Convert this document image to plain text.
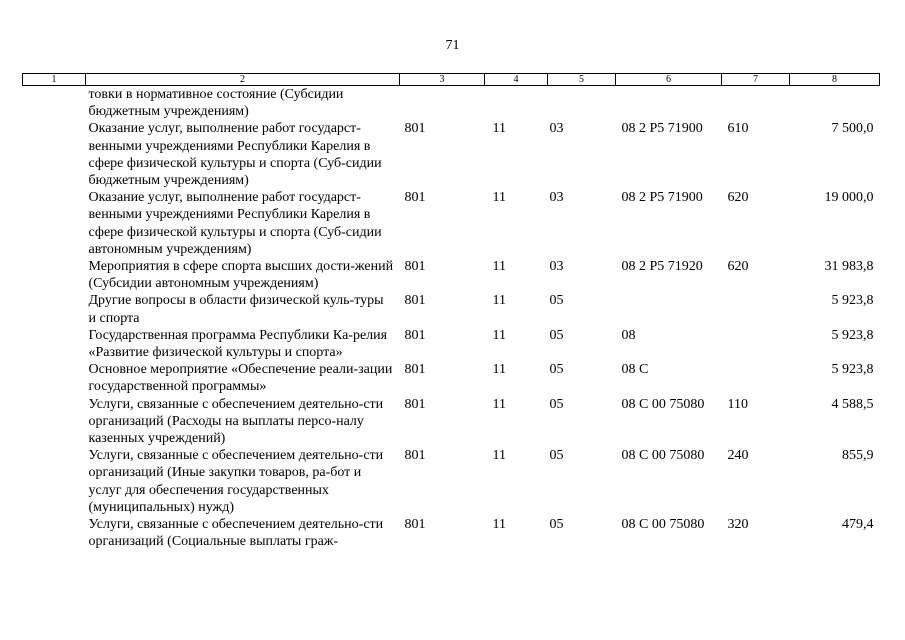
71
1	2	3	4	5	6	7	8
	товки в нормативное состояние (Субсидии бюджетным учреждениям)						
	Оказание услуг, выполнение работ государст-венными учреждениями Республики Карелия в сфере физической культуры и спорта (Суб-сидии бюджетным учреждениям)	801	11	03	08 2 Р5 71900	610	7 500,0
	Оказание услуг, выполнение работ государст-венными учреждениями Республики Карелия в сфере физической культуры и спорта (Суб-сидии автономным учреждениям)	801	11	03	08 2 Р5 71900	620	19 000,0
	Мероприятия в сфере спорта высших дости-жений (Субсидии автономным учреждениям)	801	11	03	08 2 Р5 71920	620	31 983,8
	Другие вопросы в области физической куль-туры и спорта	801	11	05			5 923,8
	Государственная программа Республики Ка-релия «Развитие физической культуры и спорта»	801	11	05	08		5 923,8
	Основное мероприятие «Обеспечение реали-зации государственной программы»	801	11	05	08 С		5 923,8
	Услуги, связанные с обеспечением деятельно-сти организаций (Расходы на выплаты персо-налу казенных учреждений)	801	11	05	08 С 00 75080	110	4 588,5
	Услуги, связанные с обеспечением деятельно-сти организаций (Иные закупки товаров, ра-бот и услуг для обеспечения государственных (муниципальных) нужд)	801	11	05	08 С 00 75080	240	855,9
	Услуги, связанные с обеспечением деятельно-сти организаций (Социальные выплаты граж-	801	11	05	08 С 00 75080	320	479,4
